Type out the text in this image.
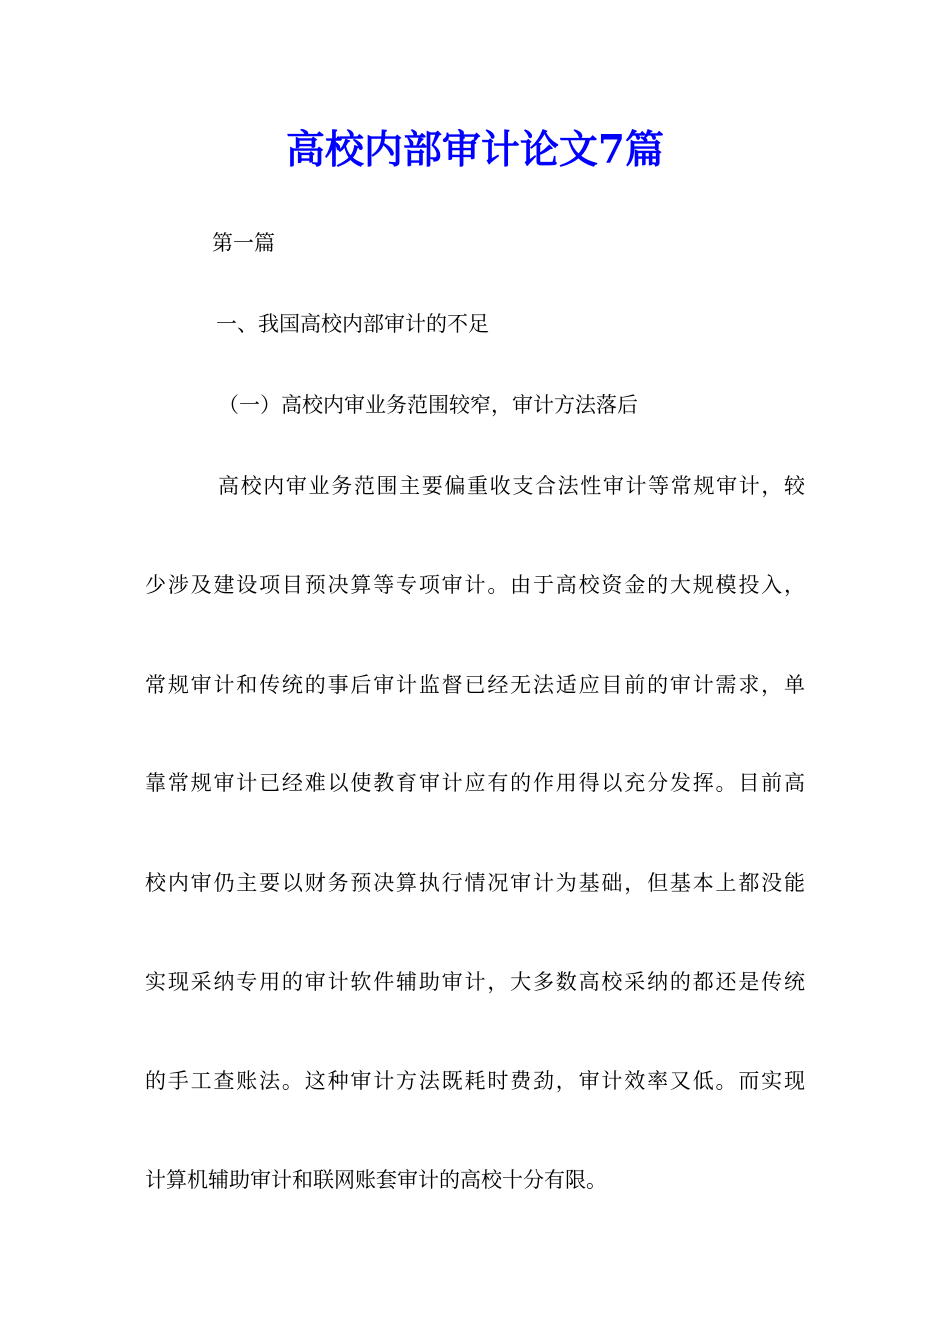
高校内部审计论文7篇

第一篇

一、我国高校内部审计的不足

（一）高校内审业务范围较窄，审计方法落后

高校内审业务范围主要偏重收支合法性审计等常规审计，较

少涉及建设项目预决算等专项审计。由于高校资金的大规模投入，

常规审计和传统的事后审计监督已经无法适应目前的审计需求，单

靠常规审计已经难以使教育审计应有的作用得以充分发挥。目前高

校内审仍主要以财务预决算执行情况审计为基础，但基本上都没能

实现采纳专用的审计软件辅助审计，大多数高校采纳的都还是传统

的手工查账法。这种审计方法既耗时费劲，审计效率又低。而实现

计算机辅助审计和联网账套审计的高校十分有限。
